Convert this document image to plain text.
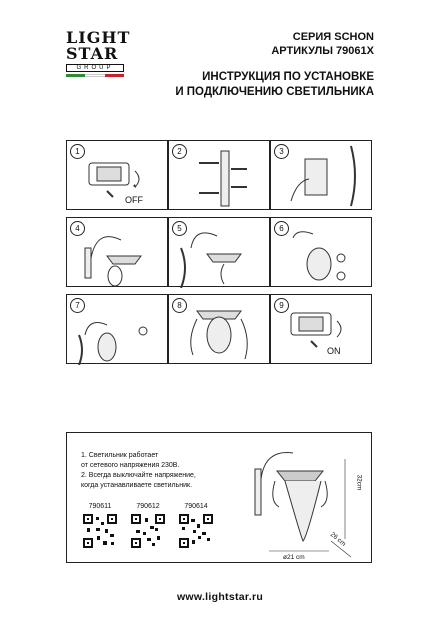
LIGHT
STAR
GROUP
СЕРИЯ SCHON
АРТИКУЛЫ 79061X
ИНСТРУКЦИЯ ПО УСТАНОВКЕ
И ПОДКЛЮЧЕНИЮ СВЕТИЛЬНИКА
1
OFF
2	3
4	5	6
7	8	9
ON
1. Светильник работает
от сетевого напряжения 230В.
2. Всегда выключайте напряжение,
когда устанавливаете светильник.
790611	790612	790614
32cm
26 cm
ø21 cm
www.lightstar.ru
